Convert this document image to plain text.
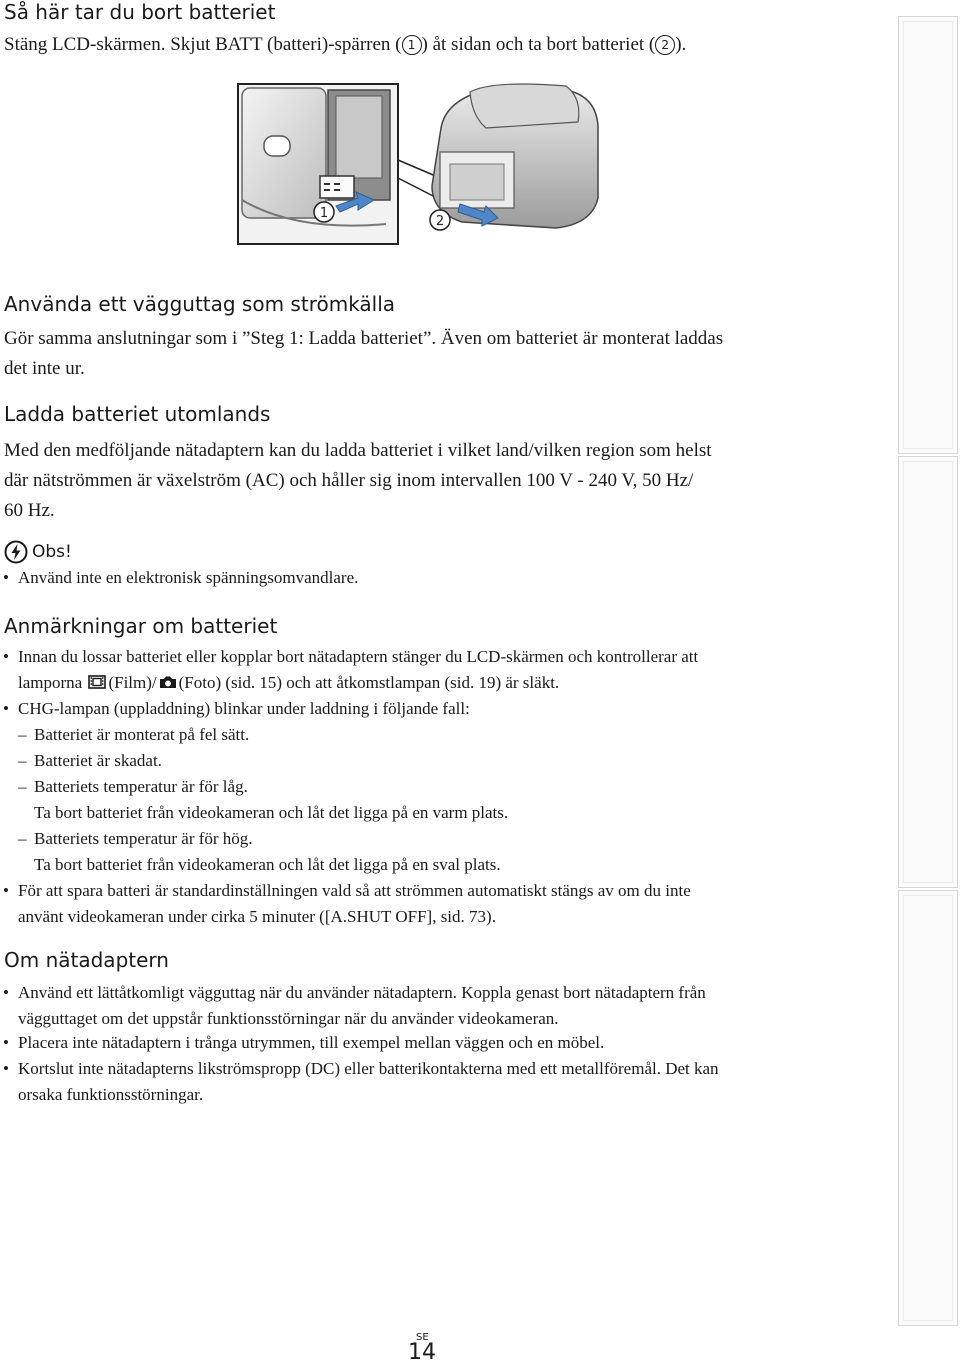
Så här tar du bort batteriet
Stäng LCD-skärmen. Skjut BATT (batteri)-spärren ( 1 ) åt sidan och ta bort batteriet ( 2 ).
1
2
Använda ett vägguttag som strömkälla
Gör samma anslutningar som i ”Steg 1: Ladda batteriet”. Även om batteriet är monterat laddas
det inte ur.
Ladda batteriet utomlands
Med den medföljande nätadaptern kan du ladda batteriet i vilket land/vilken region som helst
där nätströmmen är växelström (AC) och håller sig inom intervallen 100 V - 240 V, 50 Hz/
60 Hz.
Obs!
• Använd inte en elektronisk spänningsomvandlare.
Anmärkningar om batteriet
• Innan du lossar batteriet eller kopplar bort nätadaptern stänger du LCD-skärmen och kontrollerar att
lamporna (Film)/ (Foto) (sid. 15) och att åtkomstlampan (sid. 19) är släkt.
• CHG-lampan (uppladdning) blinkar under laddning i följande fall:
– Batteriet är monterat på fel sätt.
– Batteriet är skadat.
– Batteriets temperatur är för låg.
Ta bort batteriet från videokameran och låt det ligga på en varm plats.
– Batteriets temperatur är för hög.
Ta bort batteriet från videokameran och låt det ligga på en sval plats.
• För att spara batteri är standardinställningen vald så att strömmen automatiskt stängs av om du inte
använt videokameran under cirka 5 minuter ([A.SHUT OFF], sid. 73).
Om nätadaptern
• Använd ett lättåtkomligt vägguttag när du använder nätadaptern. Koppla genast bort nätadaptern från
vägguttaget om det uppstår funktionsstörningar när du använder videokameran.
• Placera inte nätadaptern i trånga utrymmen, till exempel mellan väggen och en möbel.
• Kortslut inte nätadapterns likströmspropp (DC) eller batterikontakterna med ett metallföremål. Det kan
orsaka funktionsstörningar.
SE
14
